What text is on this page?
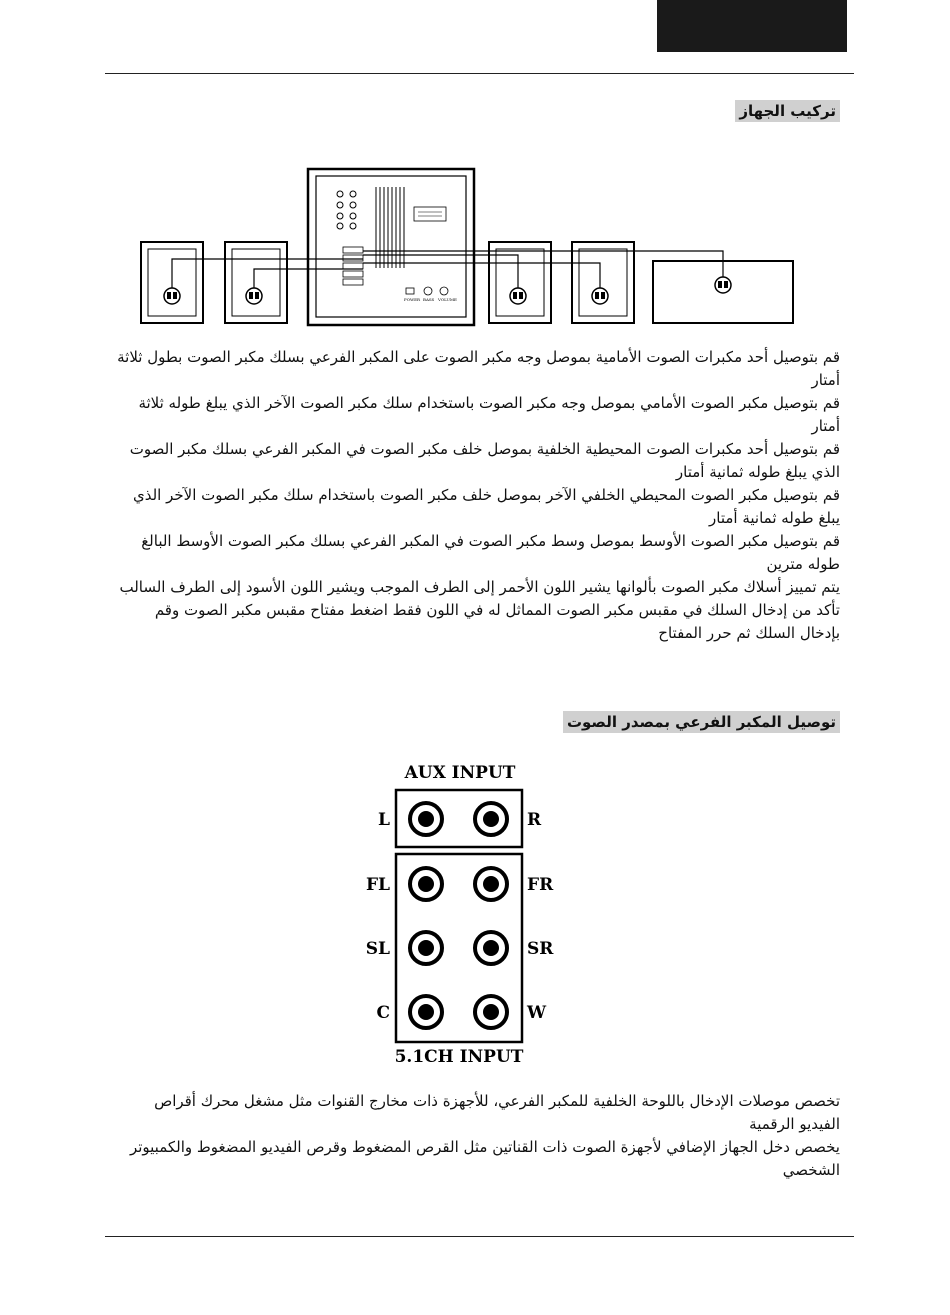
تركيب الجهاز
POWER BASS VOLUME

قم بتوصيل أحد مكبرات الصوت الأمامية بموصل وجه مكبر الصوت على المكبر الفرعي بسلك مكبر الصوت بطول ثلاثة أمتار

قم بتوصيل مكبر الصوت الأمامي بموصل وجه مكبر الصوت باستخدام سلك مكبر الصوت الآخر الذي يبلغ طوله ثلاثة أمتار

قم بتوصيل أحد مكبرات الصوت المحيطية الخلفية بموصل خلف مكبر الصوت في المكبر الفرعي بسلك مكبر الصوت الذي يبلغ طوله ثمانية أمتار

قم بتوصيل مكبر الصوت المحيطي الخلفي الآخر بموصل خلف مكبر الصوت باستخدام سلك مكبر الصوت الآخر الذي يبلغ طوله ثمانية أمتار

قم بتوصيل مكبر الصوت الأوسط بموصل وسط مكبر الصوت في المكبر الفرعي بسلك مكبر الصوت الأوسط البالغ طوله مترين

يتم تمييز أسلاك مكبر الصوت بألوانها يشير اللون الأحمر إلى الطرف الموجب ويشير اللون الأسود إلى الطرف السالب

تأكد من إدخال السلك في مقبس مكبر الصوت المماثل له في اللون فقط اضغط مفتاح مقبس مكبر الصوت وقم بإدخال السلك ثم حرر المفتاح

توصيل المكبر الفرعي بمصدر الصوت
AUX INPUT
L	R
FL	FR
SL	SR
C	W
5.1CH INPUT

تخصص موصلات الإدخال باللوحة الخلفية للمكبر الفرعي، للأجهزة ذات مخارج القنوات مثل مشغل محرك أقراص الفيديو الرقمية

يخصص دخل الجهاز الإضافي لأجهزة الصوت ذات القناتين مثل القرص المضغوط وقرص الفيديو المضغوط والكمبيوتر الشخصي
